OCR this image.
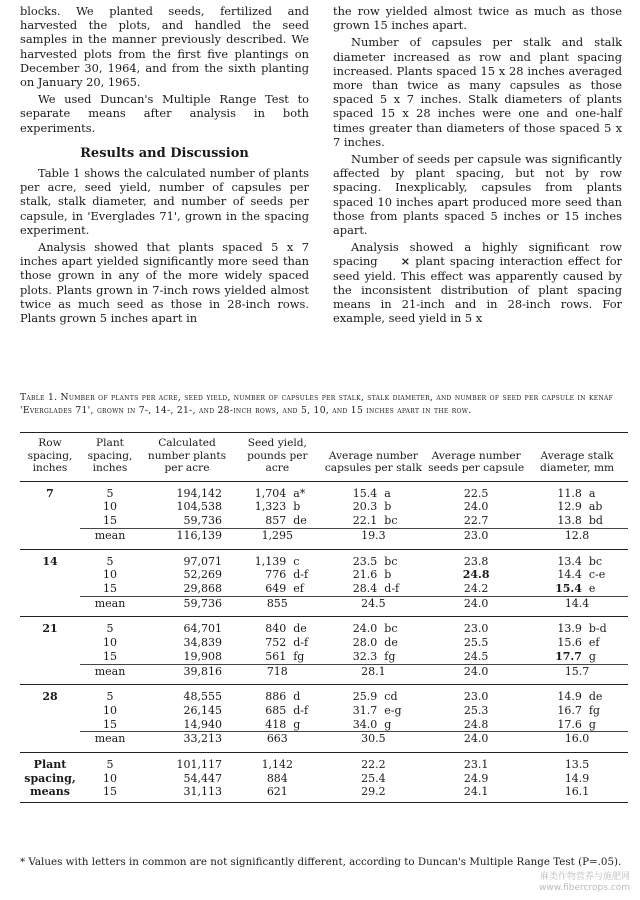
blocks. We planted seeds, fertilized and harvested the plots, and handled the seed samples in the manner previously described. We harvested plots from the first five plantings on December 30, 1964, and from the sixth planting on January 20, 1965.

We used Duncan's Multiple Range Test to separate means after analysis in both experiments.

Results and Discussion

Table 1 shows the calculated number of plants per acre, seed yield, number of capsules per stalk, stalk diameter, and number of seeds per capsule, in 'Everglades 71', grown in the spacing experiment.

Analysis showed that plants spaced 5 x 7 inches apart yielded significantly more seed than those grown in any of the more widely spaced plots. Plants grown in 7-inch rows yielded almost twice as much seed as those in 28-inch rows. Plants grown 5 inches apart in

the row yielded almost twice as much as those grown 15 inches apart.

Number of capsules per stalk and stalk diameter increased as row and plant spacing increased. Plants spaced 15 x 28 inches averaged more than twice as many capsules as those spaced 5 x 7 inches. Stalk diameters of plants spaced 15 x 28 inches were one and one-half times greater than diameters of those spaced 5 x 7 inches.

Number of seeds per capsule was significantly affected by plant spacing, but not by row spacing. Inexplicably, capsules from plants spaced 10 inches apart produced more seed than those from plants spaced 5 inches or 15 inches apart.

Analysis showed a highly significant row spacing × plant spacing interaction effect for seed yield. This effect was apparently caused by the inconsistent distribution of plant spacing means in 21-inch and in 28-inch rows. For example, seed yield in 5 x

Table 1. Number of plants per acre, seed yield, number of capsules per stalk, stalk diameter, and number of seed per capsule in kenaf 'Everglades 71', grown in 7-, 14-, 21-, and 28-inch rows, and 5, 10, and 15 inches apart in the row.
Row spacing, inches	Plant spacing, inches	Calculated number plants per acre	Seed yield, pounds per acre		Average number capsules per stalk		Average number seeds per capsule	Average stalk diameter, mm	
7	5	194,142	1,704	a*	15.4	a	22.5	11.8	a
	10	104,538	1,323	b	20.3	b	24.0	12.9	ab
	15	59,736	857	de	22.1	bc	22.7	13.8	bd
	mean	116,139	1,295		19.3		23.0	12.8	

14	5	97,071	1,139	c	23.5	bc	23.8	13.4	bc
	10	52,269	776	d-f	21.6	b	24.8	14.4	c-e
	15	29,868	649	ef	28.4	d-f	24.2	15.4	e
	mean	59,736	855		24.5		24.0	14.4	

21	5	64,701	840	de	24.0	bc	23.0	13.9	b-d
	10	34,839	752	d-f	28.0	de	25.5	15.6	ef
	15	19,908	561	fg	32.3	fg	24.5	17.7	g
	mean	39,816	718		28.1		24.0	15.7	

28	5	48,555	886	d	25.9	cd	23.0	14.9	de
	10	26,145	685	d-f	31.7	e-g	25.3	16.7	fg
	15	14,940	418	g	34.0	g	24.8	17.6	g
	mean	33,213	663		30.5		24.0	16.0	

Plant	5	101,117	1,142		22.2		23.1	13.5	
spacing,	10	54,447	884		25.4		24.9	14.9	
means	15	31,113	621		29.2		24.1	16.1	
* Values with letters in common are not significantly different, according to Duncan's Multiple Range Test (P=.05).
麻类作物营养与施肥网
www.fibercrops.com
